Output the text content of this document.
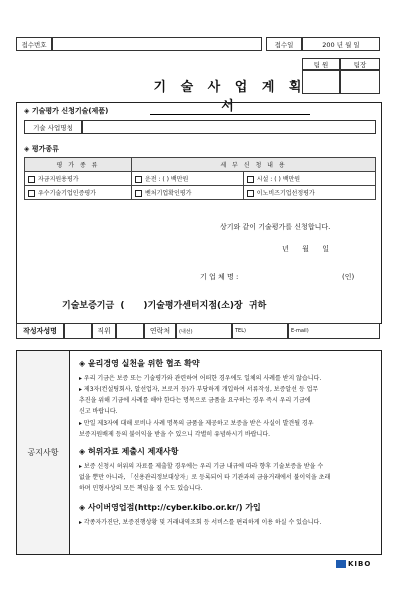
접수번호	접수일	200 년 월 일
팀 원	팀장
기 술 사 업 계 획 서
◈ 기술평가 신청기술(제품)
기술 사업명칭
◈ 평가종류
평 가 종 류	세 부 신 청 내 용	
자금지원용평가	운전 : ( ) 백만원	시설 : ( ) 백만원
우수기술기업인증평가	벤처기업확인평가	이노비즈기업선정평가
상기와 같이 기술평가를 신청합니다.
년      월      일
기 업 체 명 :	(인)
기술보증기금  (      )기술평가센터지점(소)장  귀하
작성자성명	직위	연락처	(내선)	TEL )	E-mail )
공지사항
◈ 윤리경영 실천을 위한 협조 확약
▸ 우리 기금은 보증 또는 기술평가와 관련하여 어떠한 경우에도 일체의 사례를 받지 않습니다.
▸ 제3자(컨설팅회사, 알선업자, 브로커 등)가 부당하게 개입하여 서류작성, 보증알선 등 업무
추진을 위해 기금에 사례를 해야 한다는 명목으로 금품을 요구하는 경우 즉시 우리 기금에
신고 바랍니다.
▸ 만일 제3자에 대해 로비나 사례 명목의 금품을 제공하고 보증을 받은 사실이 발견될 경우
보증지원배제 등의 불이익을 받을 수 있으니 각별히 유념하시기 바랍니다.
◈ 허위자료 제출시 제재사항
▸ 보증 신청시 허위의 자료를 제출할 경우에는 우리 기금 내규에 따라 향후 기술보증을 받을 수
없을 뿐만 아니라, 「신용관리정보대상자」로 등록되어 타 기관과의 금융거래에서 불이익을 초래
하며 민형사상의 모든 책임을 질 수도 있습니다.
◈ 사이버영업점(http://cyber.kibo.or.kr/) 가입
▸ 각종자가진단, 보증진행상황 및 거래내역조회 등 서비스를 편리하게 이용 하실 수 있습니다.
KIBO
